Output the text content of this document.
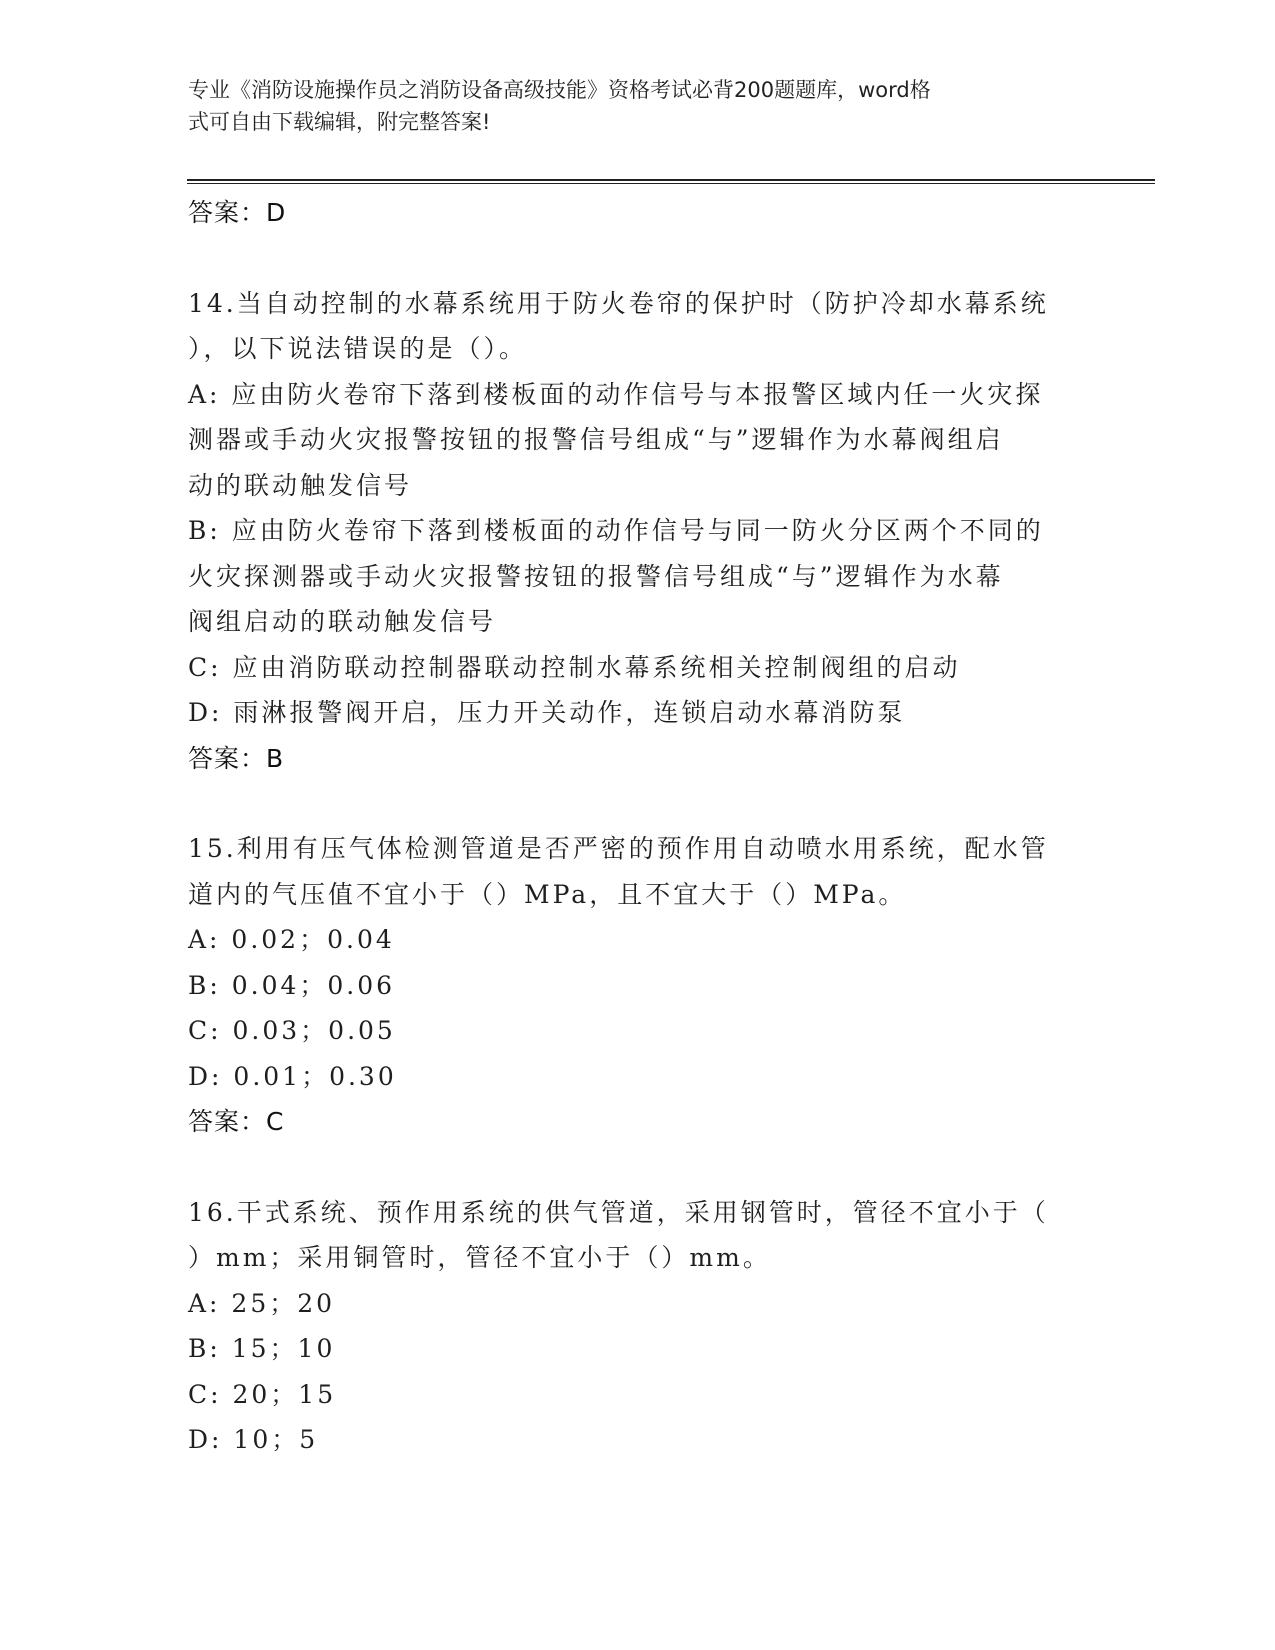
专业《消防设施操作员之消防设备高级技能》资格考试必背200题题库，word格
式可自由下载编辑，附完整答案!
答案：D
14.当自动控制的水幕系统用于防火卷帘的保护时（防护冷却水幕系统
），以下说法错误的是（）。
A: 应由防火卷帘下落到楼板面的动作信号与本报警区域内任一火灾探
测器或手动火灾报警按钮的报警信号组成“与”逻辑作为水幕阀组启
动的联动触发信号
B: 应由防火卷帘下落到楼板面的动作信号与同一防火分区两个不同的
火灾探测器或手动火灾报警按钮的报警信号组成“与”逻辑作为水幕
阀组启动的联动触发信号
C: 应由消防联动控制器联动控制水幕系统相关控制阀组的启动
D: 雨淋报警阀开启，压力开关动作，连锁启动水幕消防泵
答案：B
15.利用有压气体检测管道是否严密的预作用自动喷水用系统，配水管
道内的气压值不宜小于（）MPa，且不宜大于（）MPa。
A: 0.02；0.04
B: 0.04；0.06
C: 0.03；0.05
D: 0.01；0.30
答案：C
16.干式系统、预作用系统的供气管道，采用钢管时，管径不宜小于（
）mm；采用铜管时，管径不宜小于（）mm。
A: 25；20
B: 15；10
C: 20；15
D: 10；5
